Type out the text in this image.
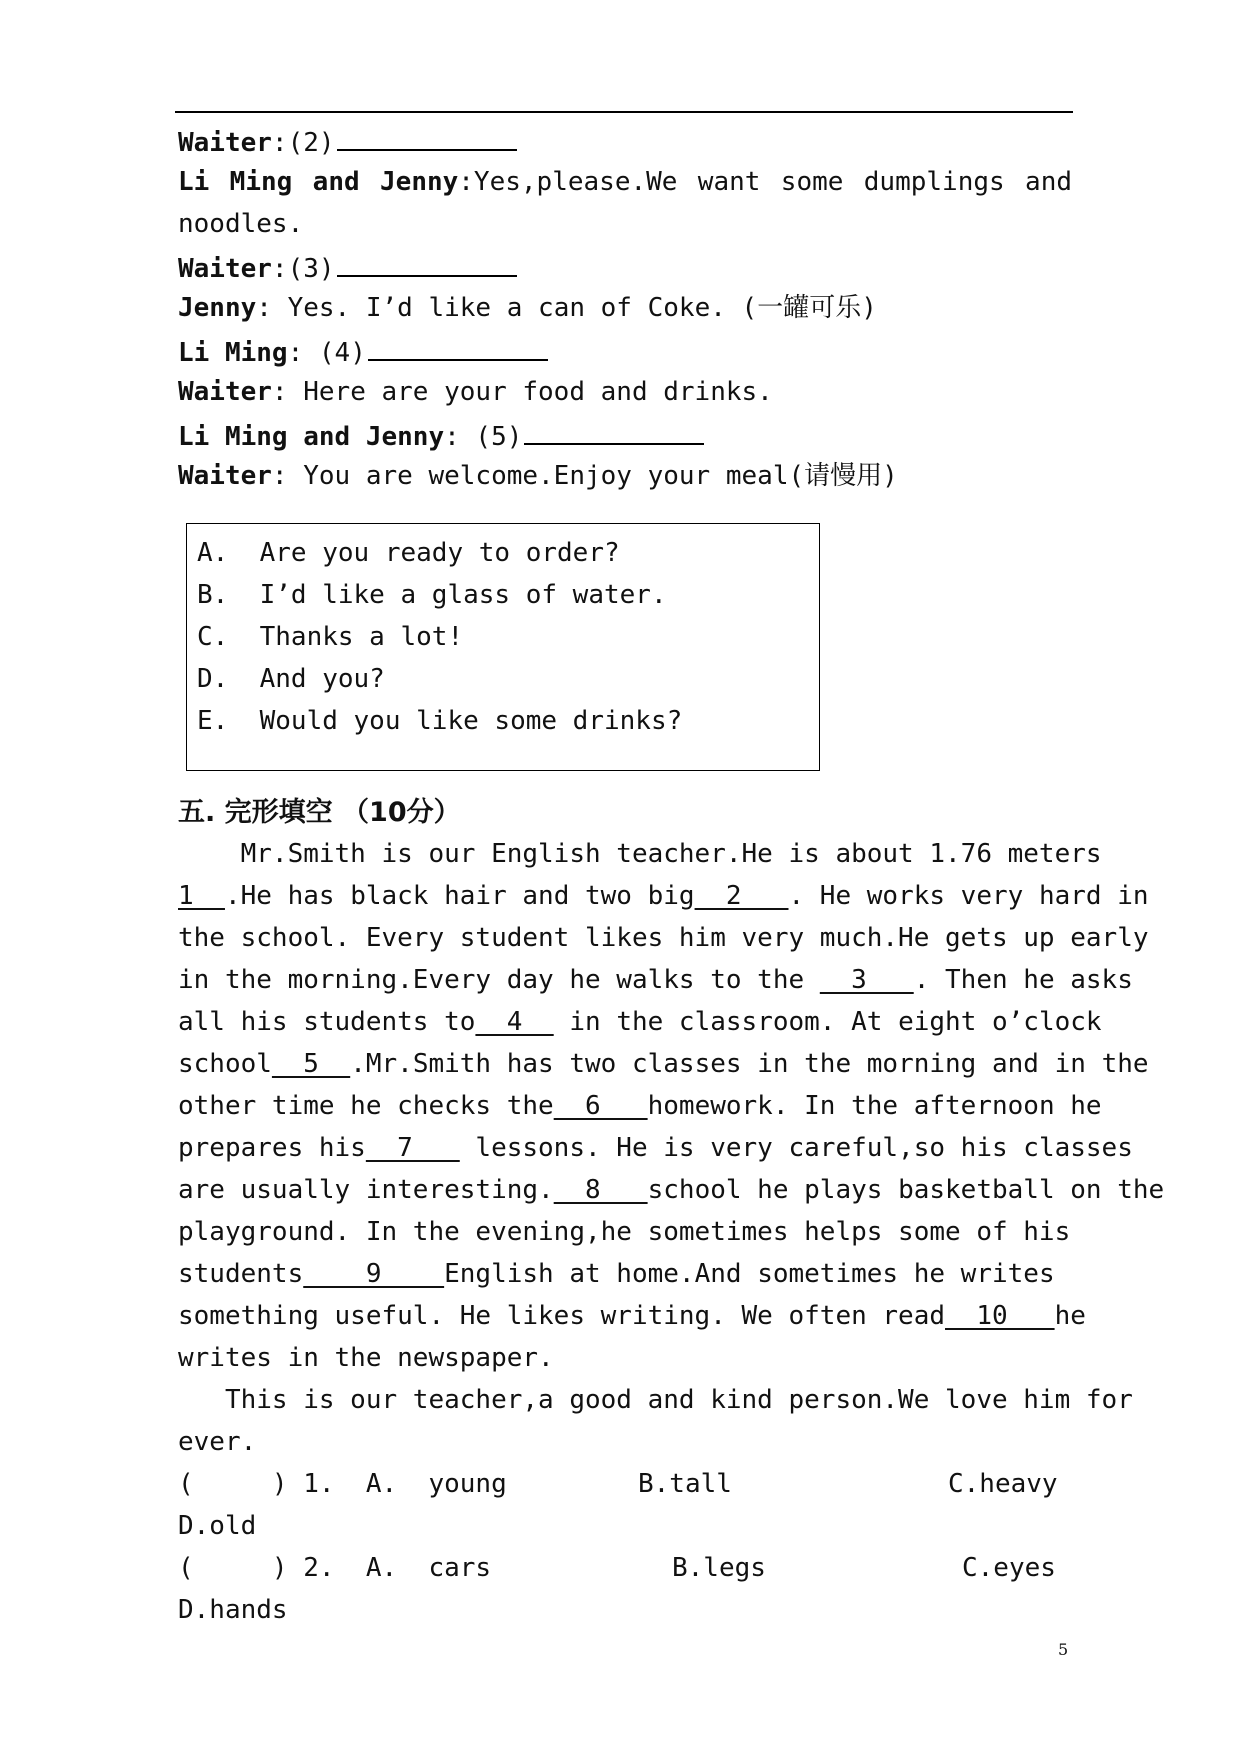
Waiter:(2)
Li Ming and Jenny:Yes,please.We want some dumplings and
noodles.
Waiter:(3)
Jenny: Yes. I’d like a can of Coke. (一罐可乐)
Li Ming: (4)
Waiter: Here are your food and drinks.
Li Ming and Jenny: (5)
Waiter: You are welcome.Enjoy your meal(请慢用)
A.  Are you ready to order?
B.  I’d like a glass of water.
C.  Thanks a lot!
D.  And you?
E.  Would you like some drinks?
五. 完形填空 （10分）
Mr.Smith is our English teacher.He is about 1.76 meters
1  .He has black hair and two big  2   . He works very hard in
the school. Every student likes him very much.He gets up early
in the morning.Every day he walks to the   3   . Then he asks
all his students to  4   in the classroom. At eight o’clock
school  5  .Mr.Smith has two classes in the morning and in the
other time he checks the  6   homework. In the afternoon he
prepares his  7    lessons. He is very careful,so his classes
are usually interesting.  8   school he plays basketball on the
playground. In the evening,he sometimes helps some of his
students    9    English at home.And sometimes he writes
something useful. He likes writing. We often read  10   he
writes in the newspaper.
This is our teacher,a good and kind person.We love him for
ever.

(     ) 1.  A.  young

	B.tall

	C.heavy

D.old

(     ) 2.  A.  cars

	B.legs

	C.eyes

D.hands
5
